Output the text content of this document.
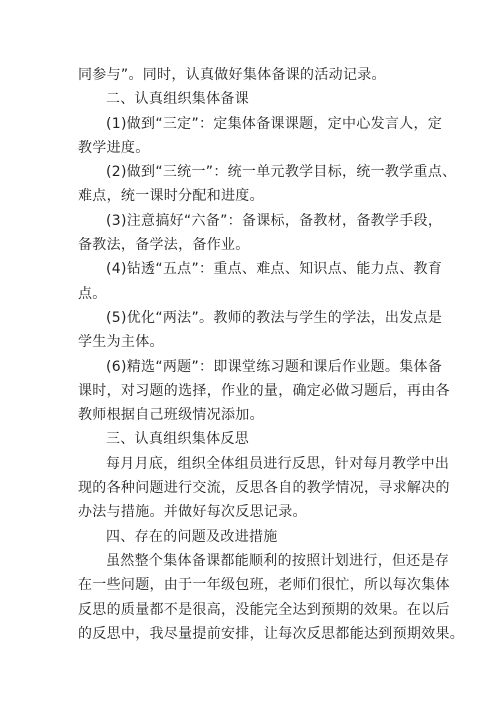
同参与”。同时，认真做好集体备课的活动记录。
二、认真组织集体备课
(1)做到“三定”：定集体备课课题，定中心发言人，定
教学进度。
(2)做到“三统一”：统一单元教学目标，统一教学重点、
难点，统一课时分配和进度。
(3)注意搞好“六备”：备课标，备教材，备教学手段，
备教法，备学法，备作业。
(4)钻透“五点”：重点、难点、知识点、能力点、教育
点。
(5)优化“两法”。教师的教法与学生的学法，出发点是
学生为主体。
(6)精选“两题”：即课堂练习题和课后作业题。集体备
课时，对习题的选择，作业的量，确定必做习题后，再由各
教师根据自己班级情况添加。
三、认真组织集体反思
每月月底，组织全体组员进行反思，针对每月教学中出
现的各种问题进行交流，反思各自的教学情况，寻求解决的
办法与措施。并做好每次反思记录。
四、存在的问题及改进措施
虽然整个集体备课都能顺利的按照计划进行，但还是存
在一些问题，由于一年级包班，老师们很忙，所以每次集体
反思的质量都不是很高，没能完全达到预期的效果。在以后
的反思中，我尽量提前安排，让每次反思都能达到预期效果。
